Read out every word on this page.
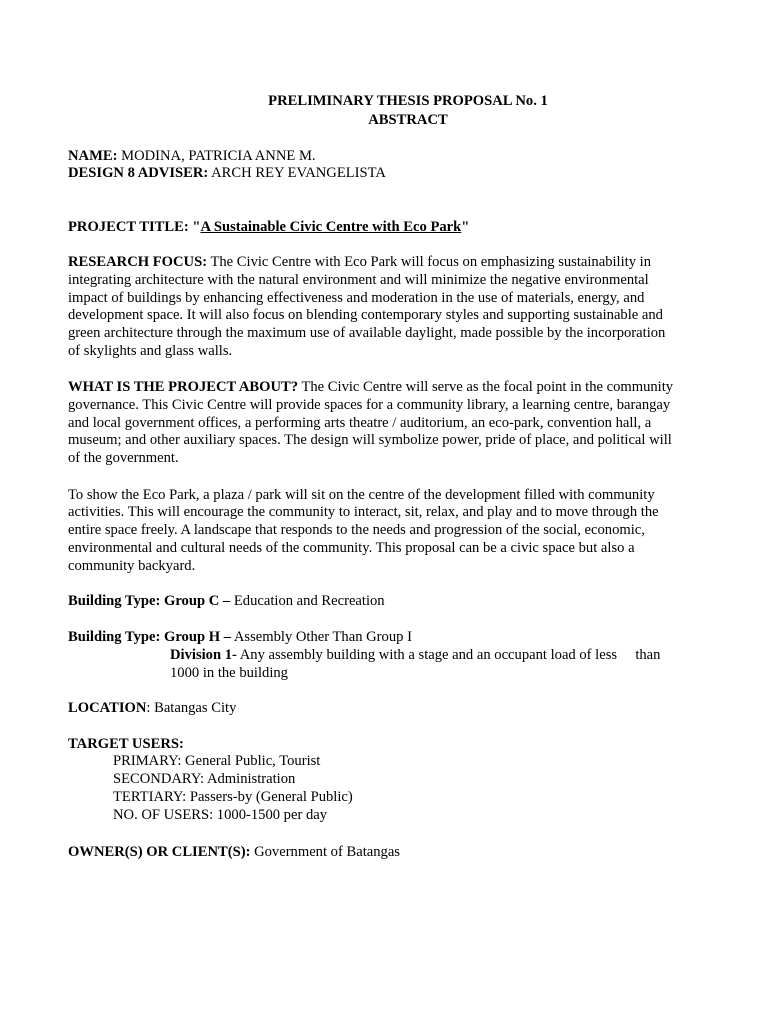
PRELIMINARY THESIS PROPOSAL No. 1
ABSTRACT
NAME: MODINA, PATRICIA ANNE M.
DESIGN 8 ADVISER: ARCH REY EVANGELISTA
PROJECT TITLE: "A Sustainable Civic Centre with Eco Park"
RESEARCH FOCUS: The Civic Centre with Eco Park will focus on emphasizing sustainability in
integrating architecture with the natural environment and will minimize the negative environmental
impact of buildings by enhancing effectiveness and moderation in the use of materials, energy, and
development space. It will also focus on blending contemporary styles and supporting sustainable and
green architecture through the maximum use of available daylight, made possible by the incorporation
of skylights and glass walls.
WHAT IS THE PROJECT ABOUT? The Civic Centre will serve as the focal point in the community
governance. This Civic Centre will provide spaces for a community library, a learning centre, barangay
and local government offices, a performing arts theatre / auditorium, an eco-park, convention hall, a
museum; and other auxiliary spaces. The design will symbolize power, pride of place, and political will
of the government.
To show the Eco Park, a plaza / park will sit on the centre of the development filled with community
activities. This will encourage the community to interact, sit, relax, and play and to move through the
entire space freely. A landscape that responds to the needs and progression of the social, economic,
environmental and cultural needs of the community. This proposal can be a civic space but also a
community backyard.
Building Type: Group C – Education and Recreation
Building Type: Group H – Assembly Other Than Group I
Division 1- Any assembly building with a stage and an occupant load of less     than
1000 in the building
LOCATION: Batangas City
TARGET USERS:
PRIMARY: General Public, Tourist
SECONDARY: Administration
TERTIARY: Passers-by (General Public)
NO. OF USERS: 1000-1500 per day
OWNER(S) OR CLIENT(S): Government of Batangas
